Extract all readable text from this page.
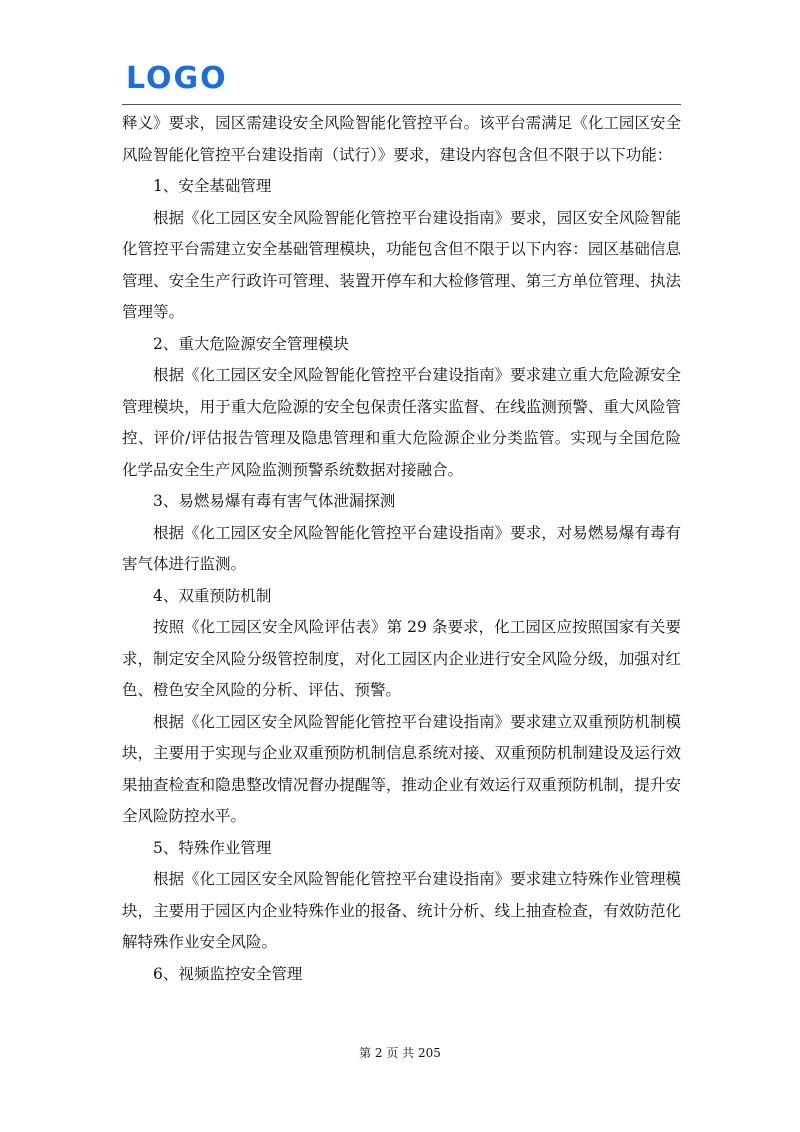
LOGO

释义》要求，园区需建设安全风险智能化管控平台。该平台需满足《化工园区安全风险智能化管控平台建设指南（试行）》要求，建设内容包含但不限于以下功能：

1、安全基础管理

根据《化工园区安全风险智能化管控平台建设指南》要求，园区安全风险智能化管控平台需建立安全基础管理模块，功能包含但不限于以下内容：园区基础信息管理、安全生产行政许可管理、装置开停车和大检修管理、第三方单位管理、执法管理等。

2、重大危险源安全管理模块

根据《化工园区安全风险智能化管控平台建设指南》要求建立重大危险源安全管理模块，用于重大危险源的安全包保责任落实监督、在线监测预警、重大风险管控、评价/评估报告管理及隐患管理和重大危险源企业分类监管。实现与全国危险化学品安全生产风险监测预警系统数据对接融合。

3、易燃易爆有毒有害气体泄漏探测

根据《化工园区安全风险智能化管控平台建设指南》要求，对易燃易爆有毒有害气体进行监测。

4、双重预防机制

按照《化工园区安全风险评估表》第 29 条要求，化工园区应按照国家有关要求，制定安全风险分级管控制度，对化工园区内企业进行安全风险分级，加强对红色、橙色安全风险的分析、评估、预警。

根据《化工园区安全风险智能化管控平台建设指南》要求建立双重预防机制模块，主要用于实现与企业双重预防机制信息系统对接、双重预防机制建设及运行效果抽查检查和隐患整改情况督办提醒等，推动企业有效运行双重预防机制，提升安全风险防控水平。

5、特殊作业管理

根据《化工园区安全风险智能化管控平台建设指南》要求建立特殊作业管理模块，主要用于园区内企业特殊作业的报备、统计分析、线上抽查检查，有效防范化解特殊作业安全风险。

6、视频监控安全管理
第 2 页 共 205
